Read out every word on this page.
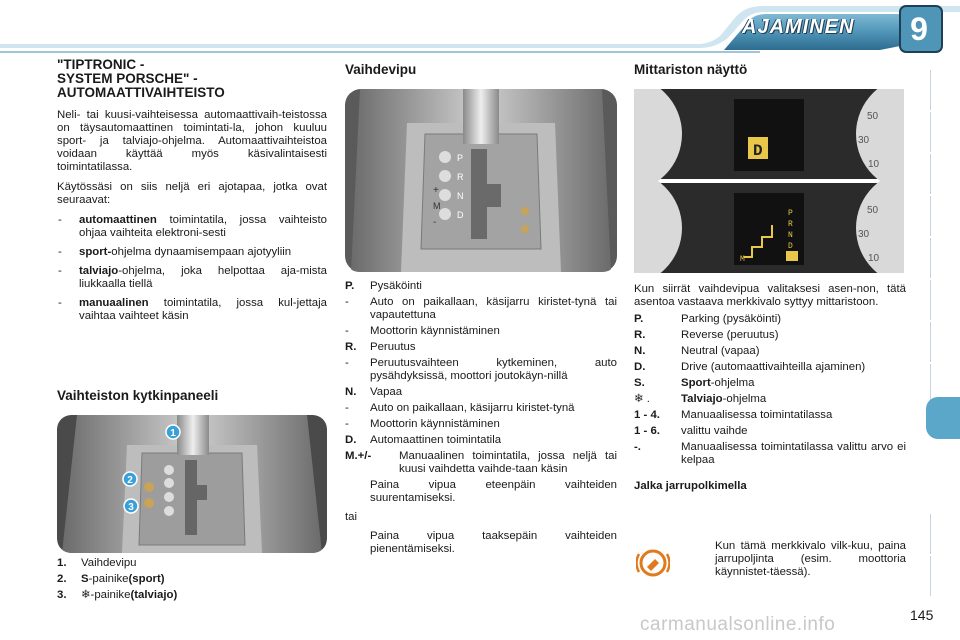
AJAMINEN	9
"TIPTRONIC -
SYSTEM PORSCHE" -
AUTOMAATTIVAIHTEISTO

Neli- tai kuusi-vaihteisessa automaattivaih-teistossa on täysautomaattinen toimintati-la, johon kuuluu sport- ja talviajo-ohjelma. Automaattivaihteistoa voidaan käyttää myös käsivalintaisesti toimintatilassa.

Käytössäsi on siis neljä eri ajotapaa, jotka ovat seuraavat:

- automaattinen toimintatila, jossa vaihteisto ohjaa vaihteita elektroni-sesti
- sport-ohjelma dynaamisempaan ajotyyliin
- talviajo-ohjelma, joka helpottaa aja-mista liukkaalla tiellä
- manuaalinen toimintatila, jossa kul-jettaja vaihtaa vaihteet käsin
Vaihteiston kytkinpaneeli
1
2
3
1.	Vaihdevipu
2.	S -painike (sport)
3.	❄ -painike (talviajo)
Vaihdevipu
P
R
N
D
+
M
-
P.	Pysäköinti
-	Auto on paikallaan, käsijarru kiristet-tynä tai vapautettuna
-	Moottorin käynnistäminen
R.	Peruutus
-	Peruutusvaihteen kytkeminen, auto pysähdyksissä, moottori joutokäyn-nillä
N.	Vapaa
-	Auto on paikallaan, käsijarru kiristet-tynä
-	Moottorin käynnistäminen
D.	Automaattinen toimintatila
M.+/-	Manuaalinen toimintatila, jossa neljä tai kuusi vaihdetta vaihde-taan käsin
Paina vipua eteenpäin vaihteiden suurentamiseksi.
tai
Paina vipua taaksepäin vaihteiden pienentämiseksi.
Mittariston näyttö
50
30
10
D
50
30
10
P
R
N
D
M

Kun siirrät vaihdevipua valitaksesi asen-non, tätä asentoa vastaava merkkivalo syttyy mittaristoon.

P.	Parking (pysäköinti)
R.	Reverse (peruutus)
N.	Neutral (vapaa)
D.	Drive (automaattivaihteilla ajaminen)
S.	Sport-ohjelma
❄ .	Talviajo-ohjelma
1 - 4.	Manuaalisessa toimintatilassa
1 - 6.	valittu vaihde
-.	Manuaalisessa toimintatilassa valittu arvo ei kelpaa
Jalka jarrupolkimella
Kun tämä merkkivalo vilk-kuu, paina jarrupoljinta (esim. moottoria käynnistet-täessä).
carmanualsonline.info	145
